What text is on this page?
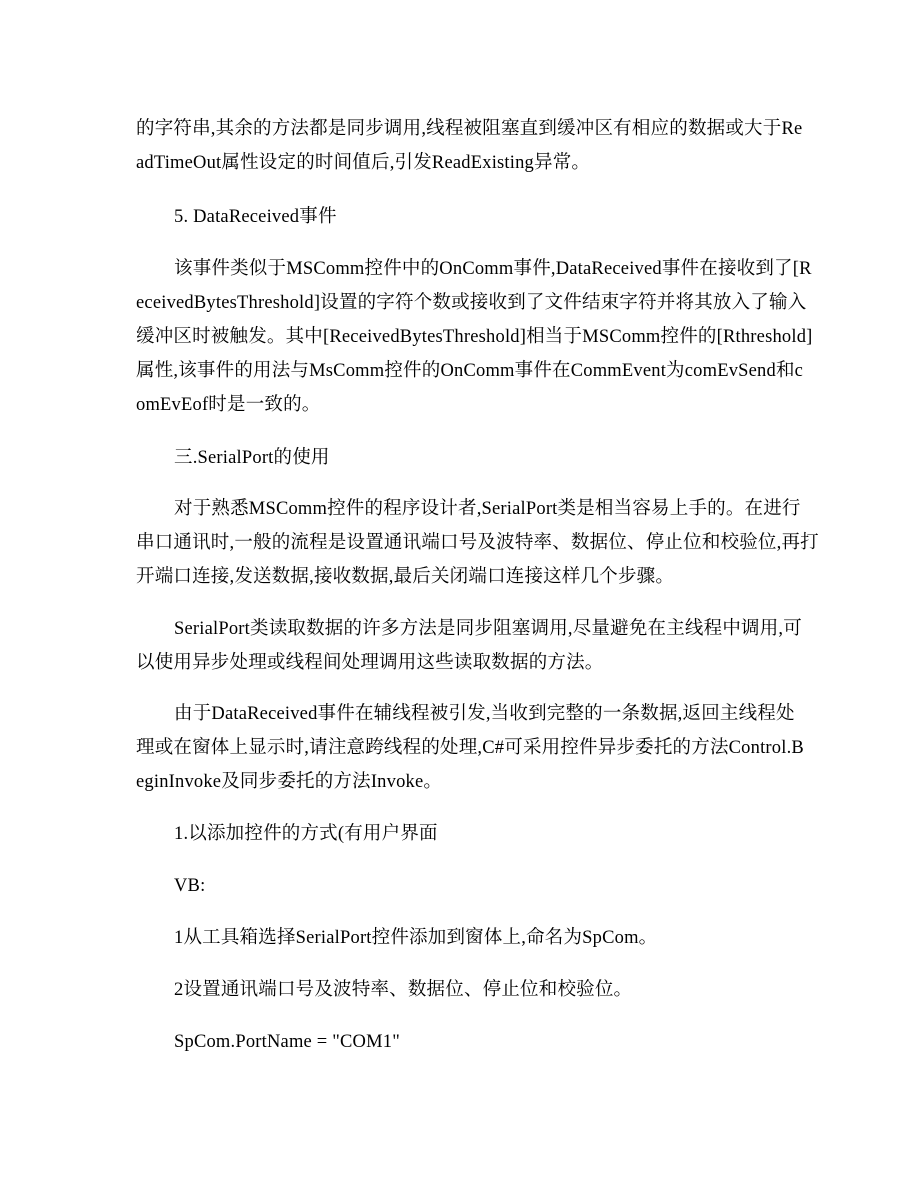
的字符串,其余的方法都是同步调用,线程被阻塞直到缓冲区有相应的数据或大于Re
adTimeOut属性设定的时间值后,引发ReadExisting异常。
5. DataReceived事件
该事件类似于MSComm控件中的OnComm事件,DataReceived事件在接收到了[R
eceivedBytesThreshold]设置的字符个数或接收到了文件结束字符并将其放入了输入
缓冲区时被触发。其中[ReceivedBytesThreshold]相当于MSComm控件的[Rthreshold]
属性,该事件的用法与MsComm控件的OnComm事件在CommEvent为comEvSend和c
omEvEof时是一致的。
三.SerialPort的使用
对于熟悉MSComm控件的程序设计者,SerialPort类是相当容易上手的。在进行
串口通讯时,一般的流程是设置通讯端口号及波特率、数据位、停止位和校验位,再打
开端口连接,发送数据,接收数据,最后关闭端口连接这样几个步骤。
SerialPort类读取数据的许多方法是同步阻塞调用,尽量避免在主线程中调用,可
以使用异步处理或线程间处理调用这些读取数据的方法。
由于DataReceived事件在辅线程被引发,当收到完整的一条数据,返回主线程处
理或在窗体上显示时,请注意跨线程的处理,C#可采用控件异步委托的方法Control.B
eginInvoke及同步委托的方法Invoke。
1.以添加控件的方式(有用户界面
VB:
1从工具箱选择SerialPort控件添加到窗体上,命名为SpCom。
2设置通讯端口号及波特率、数据位、停止位和校验位。
SpCom.PortName = "COM1"
